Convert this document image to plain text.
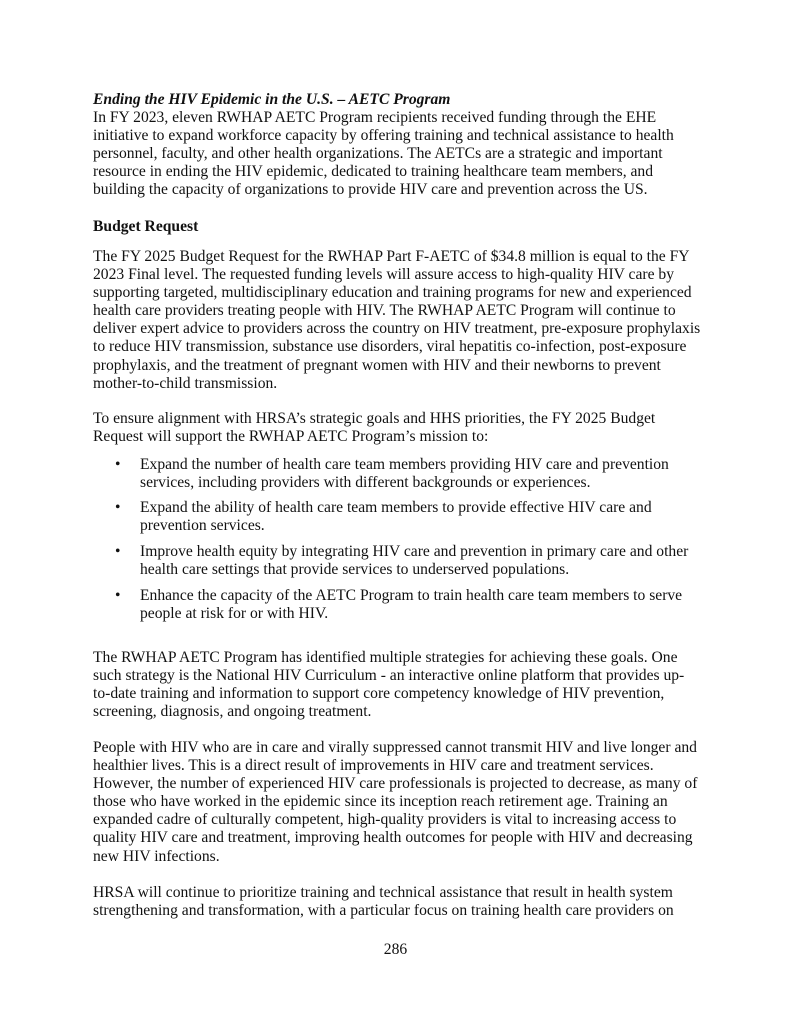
Ending the HIV Epidemic in the U.S. – AETC Program
In FY 2023, eleven RWHAP AETC Program recipients received funding through the EHE
initiative to expand workforce capacity by offering training and technical assistance to health
personnel, faculty, and other health organizations. The AETCs are a strategic and important
resource in ending the HIV epidemic, dedicated to training healthcare team members, and
building the capacity of organizations to provide HIV care and prevention across the US.
Budget Request
The FY 2025 Budget Request for the RWHAP Part F-AETC of $34.8 million is equal to the FY
2023 Final level. The requested funding levels will assure access to high-quality HIV care by
supporting targeted, multidisciplinary education and training programs for new and experienced
health care providers treating people with HIV. The RWHAP AETC Program will continue to
deliver expert advice to providers across the country on HIV treatment, pre-exposure prophylaxis
to reduce HIV transmission, substance use disorders, viral hepatitis co-infection, post-exposure
prophylaxis, and the treatment of pregnant women with HIV and their newborns to prevent
mother-to-child transmission.
To ensure alignment with HRSA’s strategic goals and HHS priorities, the FY 2025 Budget
Request will support the RWHAP AETC Program’s mission to:
• Expand the number of health care team members providing HIV care and prevention
services, including providers with different backgrounds or experiences.
• Expand the ability of health care team members to provide effective HIV care and
prevention services.
• Improve health equity by integrating HIV care and prevention in primary care and other
health care settings that provide services to underserved populations.
• Enhance the capacity of the AETC Program to train health care team members to serve
people at risk for or with HIV.
The RWHAP AETC Program has identified multiple strategies for achieving these goals. One
such strategy is the National HIV Curriculum - an interactive online platform that provides up-
to-date training and information to support core competency knowledge of HIV prevention,
screening, diagnosis, and ongoing treatment.
People with HIV who are in care and virally suppressed cannot transmit HIV and live longer and
healthier lives. This is a direct result of improvements in HIV care and treatment services.
However, the number of experienced HIV care professionals is projected to decrease, as many of
those who have worked in the epidemic since its inception reach retirement age. Training an
expanded cadre of culturally competent, high-quality providers is vital to increasing access to
quality HIV care and treatment, improving health outcomes for people with HIV and decreasing
new HIV infections.
HRSA will continue to prioritize training and technical assistance that result in health system
strengthening and transformation, with a particular focus on training health care providers on
286
